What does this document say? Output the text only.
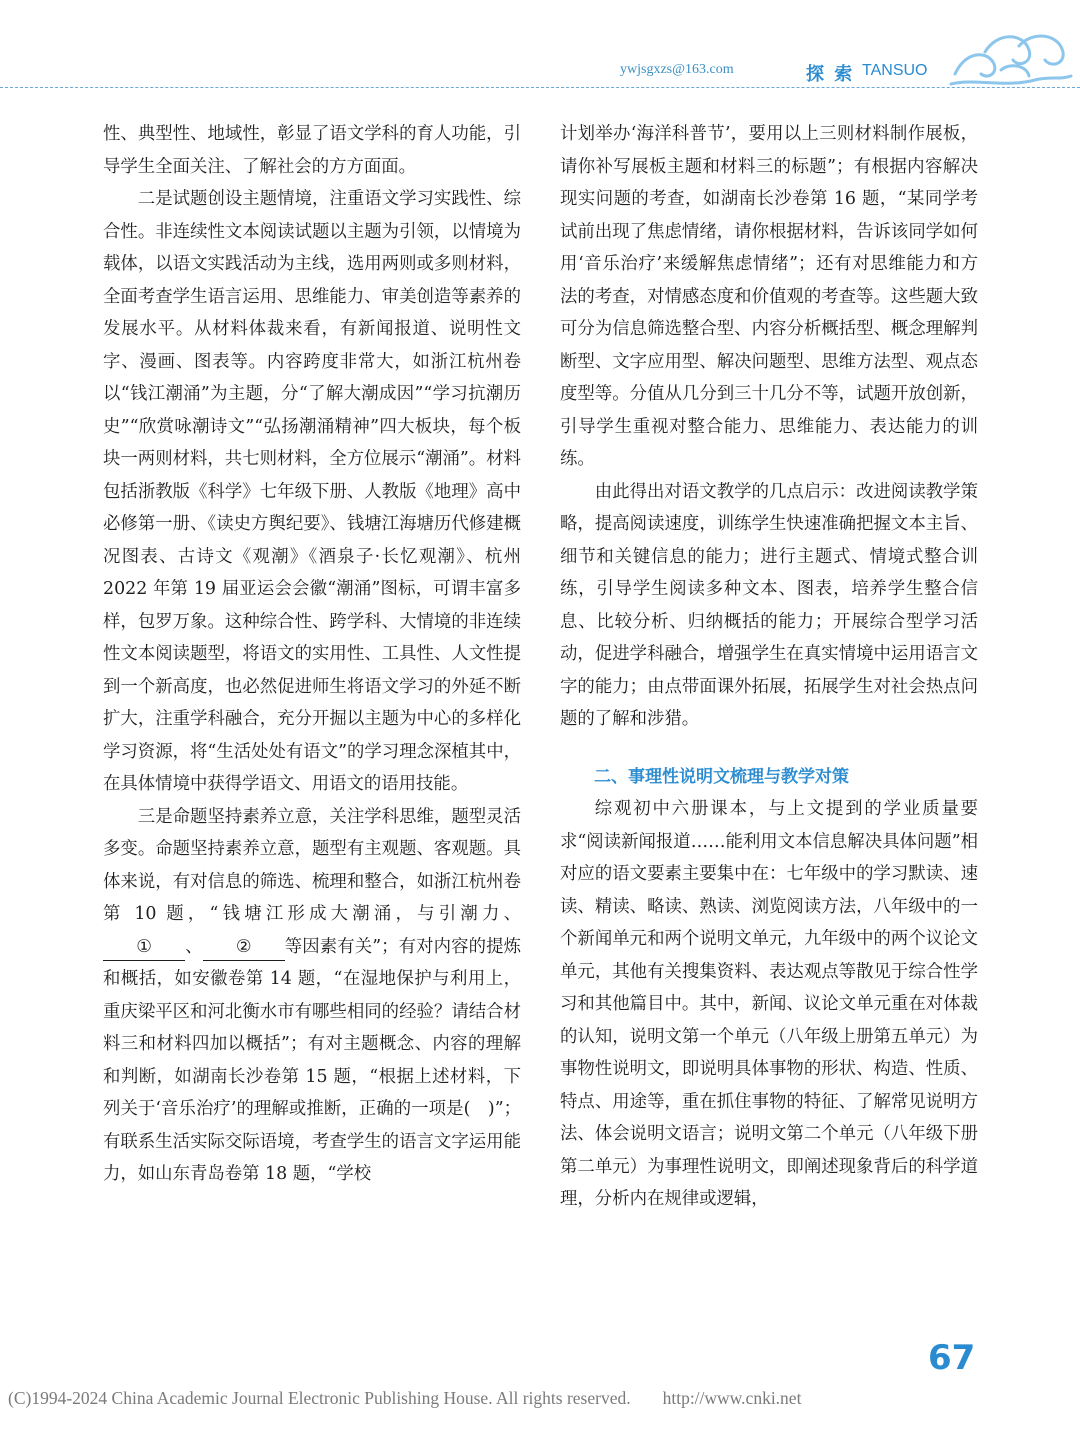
ywjsgxzs@163.com	探 索 TANSUO

性、典型性、地域性，彰显了语文学科的育人功能，引导学生全面关注、了解社会的方方面面。

二是试题创设主题情境，注重语文学习实践性、综合性。非连续性文本阅读试题以主题为引领，以情境为载体，以语文实践活动为主线，选用两则或多则材料，全面考查学生语言运用、思维能力、审美创造等素养的发展水平。从材料体裁来看，有新闻报道、说明性文字、漫画、图表等。内容跨度非常大，如浙江杭州卷以“钱江潮涌”为主题，分“了解大潮成因”“学习抗潮历史”“欣赏咏潮诗文”“弘扬潮涌精神”四大板块，每个板块一两则材料，共七则材料，全方位展示“潮涌”。材料包括浙教版《科学》七年级下册、人教版《地理》高中必修第一册、《读史方舆纪要》、钱塘江海塘历代修建概况图表、古诗文《观潮》《酒泉子·长忆观潮》、杭州 2022 年第 19 届亚运会会徽“潮涌”图标，可谓丰富多样，包罗万象。这种综合性、跨学科、大情境的非连续性文本阅读题型，将语文的实用性、工具性、人文性提到一个新高度，也必然促进师生将语文学习的外延不断扩大，注重学科融合，充分开掘以主题为中心的多样化学习资源，将“生活处处有语文”的学习理念深植其中，在具体情境中获得学语文、用语文的语用技能。

三是命题坚持素养立意，关注学科思维，题型灵活多变。命题坚持素养立意，题型有主观题、客观题。具体来说，有对信息的筛选、梳理和整合，如浙江杭州卷第 10 题，“钱塘江形成大潮涌，与引潮力、① 、 ② 等因素有关”；有对内容的提炼和概括，如安徽卷第 14 题，“在湿地保护与利用上，重庆梁平区和河北衡水市有哪些相同的经验？请结合材料三和材料四加以概括”；有对主题概念、内容的理解和判断，如湖南长沙卷第 15 题，“根据上述材料，下列关于‘音乐治疗’的理解或推断，正确的一项是(　)”；有联系生活实际交际语境，考查学生的语言文字运用能力，如山东青岛卷第 18 题，“学校

计划举办‘海洋科普节’，要用以上三则材料制作展板，请你补写展板主题和材料三的标题”；有根据内容解决现实问题的考查，如湖南长沙卷第 16 题，“某同学考试前出现了焦虑情绪，请你根据材料，告诉该同学如何用‘音乐治疗’来缓解焦虑情绪”；还有对思维能力和方法的考查，对情感态度和价值观的考查等。这些题大致可分为信息筛选整合型、内容分析概括型、概念理解判断型、文字应用型、解决问题型、思维方法型、观点态度型等。分值从几分到三十几分不等，试题开放创新，引导学生重视对整合能力、思维能力、表达能力的训练。

由此得出对语文教学的几点启示：改进阅读教学策略，提高阅读速度，训练学生快速准确把握文本主旨、细节和关键信息的能力；进行主题式、情境式整合训练，引导学生阅读多种文本、图表，培养学生整合信息、比较分析、归纳概括的能力；开展综合型学习活动，促进学科融合，增强学生在真实情境中运用语言文字的能力；由点带面课外拓展，拓展学生对社会热点问题的了解和涉猎。

二、事理性说明文梳理与教学对策

综观初中六册课本，与上文提到的学业质量要求“阅读新闻报道……能利用文本信息解决具体问题”相对应的语文要素主要集中在：七年级中的学习默读、速读、精读、略读、熟读、浏览阅读方法，八年级中的一个新闻单元和两个说明文单元，九年级中的两个议论文单元，其他有关搜集资料、表达观点等散见于综合性学习和其他篇目中。其中，新闻、议论文单元重在对体裁的认知，说明文第一个单元（八年级上册第五单元）为事物性说明文，即说明具体事物的形状、构造、性质、特点、用途等，重在抓住事物的特征、了解常见说明方法、体会说明文语言；说明文第二个单元（八年级下册第二单元）为事理性说明文，即阐述现象背后的科学道理，分析内在规律或逻辑，

67
(C)1994-2024 China Academic Journal Electronic Publishing House. All rights reserved. http://www.cnki.net
